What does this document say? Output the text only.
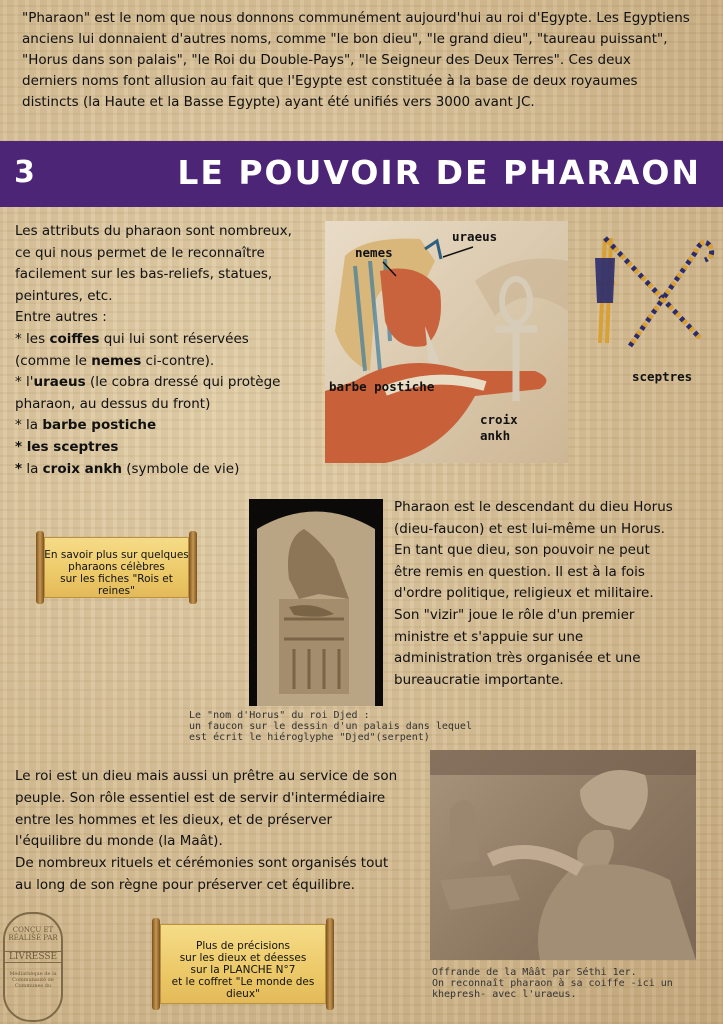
"Pharaon" est le nom que nous donnons communément aujourd'hui au roi d'Egypte. Les Egyptiens
anciens lui donnaient d'autres noms, comme "le bon dieu", "le grand dieu", "taureau puissant",
"Horus dans son palais", "le Roi du Double-Pays", "le Seigneur des Deux Terres". Ces deux
derniers noms font allusion au fait que l'Egypte est constituée à la base de deux royaumes
distincts (la Haute et la Basse Egypte) ayant été unifiés vers 3000 avant JC.
3	LE POUVOIR DE PHARAON
Les attributs du pharaon sont nombreux,
ce qui nous permet de le reconnaître
facilement sur les bas-reliefs, statues,
peintures, etc.
Entre autres :
* les coiffes qui lui sont réservées
(comme le nemes ci-contre).
* l'uraeus (le cobra dressé qui protège
pharaon, au dessus du front)
* la barbe postiche
* les sceptres
* la croix ankh (symbole de vie)
uraeus
nemes
barbe postiche
croix
ankh
sceptres
En savoir plus sur quelques
pharaons célèbres
sur les fiches "Rois et reines"
Pharaon est le descendant du dieu Horus
(dieu-faucon) et est lui-même un Horus.
En tant que dieu, son pouvoir ne peut
être remis en question. Il est à la fois
d'ordre politique, religieux et militaire.
Son "vizir" joue le rôle d'un premier
ministre et s'appuie sur une
administration très organisée et une
bureaucratie importante.
Le "nom d'Horus" du roi Djed :
un faucon sur le dessin d'un palais dans lequel
est écrit le hiéroglyphe "Djed"(serpent)
Le roi est un dieu mais aussi un prêtre au service de son
peuple. Son rôle essentiel est de servir d'intermédiaire
entre les hommes et les dieux, et de préserver
l'équilibre du monde (la Maât).
De nombreux rituels et cérémonies sont organisés tout
au long de son règne pour préserver cet équilibre.
Offrande de la Mâât par Séthi 1er.
On reconnaît pharaon à sa coiffe -ici un
khepresh- avec l'uraeus.
Plus de précisions
sur les dieux et déesses
sur la PLANCHE N°7
et le coffret "Le monde des dieux"
CONÇU ET
RÉALISÉ PAR
LIVRESSE
Médiathèque de la
Communauté de
Communes du
